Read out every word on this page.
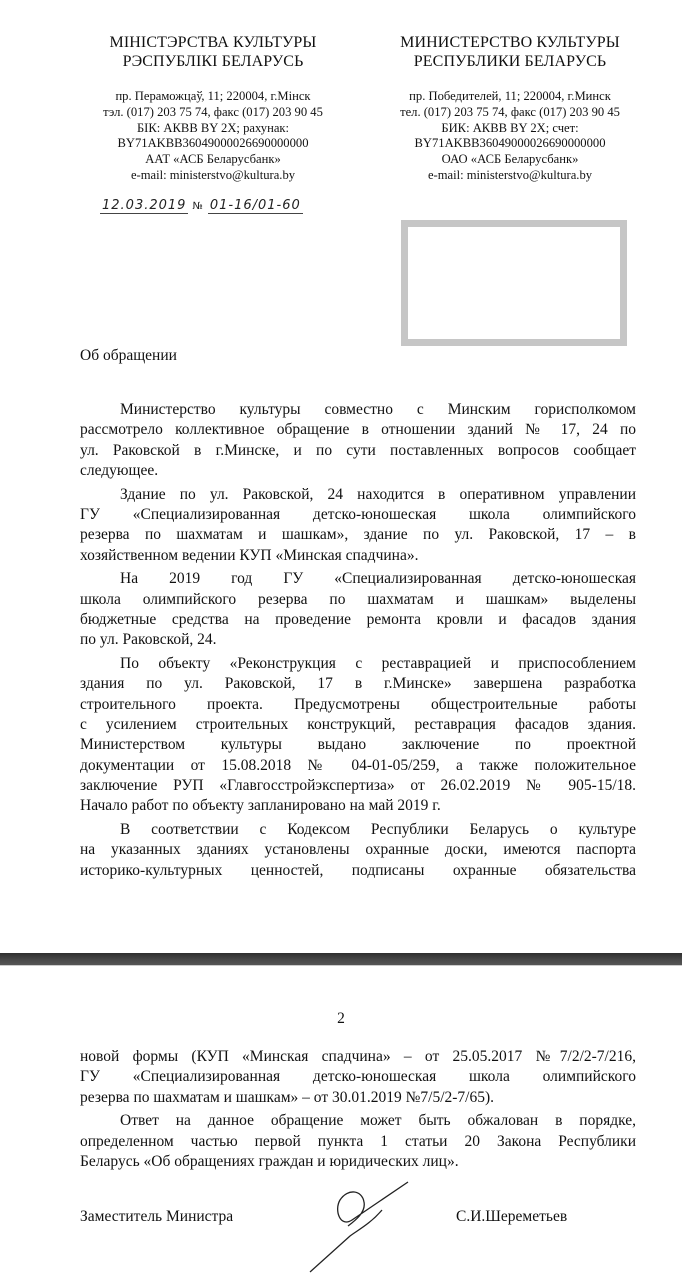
МІНІСТЭРСТВА КУЛЬТУРЫ
РЭСПУБЛІКІ БЕЛАРУСЬ
пр. Пераможцаў, 11; 220004, г.Мінск
тэл. (017) 203 75 74, факс (017) 203 90 45
БІК: АКВВ BY 2X; рахунак:
BY71AKBB36049000026690000000
ААТ «АСБ Беларусбанк»
e-mail: ministerstvo@kultura.by
МИНИСТЕРСТВО КУЛЬТУРЫ
РЕСПУБЛИКИ БЕЛАРУСЬ
пр. Победителей, 11; 220004, г.Минск
тел. (017) 203 75 74, факс (017) 203 90 45
БИК: АКВВ BY 2X; счет:
BY71AKBB36049000026690000000
ОАО «АСБ Беларусбанк»
e-mail: ministerstvo@kultura.by
12.03.2019 № 01-16/01-60
Об обращении
Министерство культуры совместно с Минским горисполкомом
рассмотрело коллективное обращение в отношении зданий № 17, 24 по
ул. Раковской в г.Минске, и по сути поставленных вопросов сообщает
следующее.
Здание по ул. Раковской, 24 находится в оперативном управлении
ГУ «Специализированная детско-юношеская школа олимпийского
резерва по шахматам и шашкам», здание по ул. Раковской, 17 – в
хозяйственном ведении КУП «Минская спадчина».
На 2019 год ГУ «Специализированная детско-юношеская
школа олимпийского резерва по шахматам и шашкам» выделены
бюджетные средства на проведение ремонта кровли и фасадов здания
по ул. Раковской, 24.
По объекту «Реконструкция с реставрацией и приспособлением
здания по ул. Раковской, 17 в г.Минске» завершена разработка
строительного проекта. Предусмотрены общестроительные работы
с усилением строительных конструкций, реставрация фасадов здания.
Министерством культуры выдано заключение по проектной
документации от 15.08.2018 № 04-01-05/259, а также положительное
заключение РУП «Главгосстройэкспертиза» от 26.02.2019 № 905-15/18.
Начало работ по объекту запланировано на май 2019 г.
В соответствии с Кодексом Республики Беларусь о культуре
на указанных зданиях установлены охранные доски, имеются паспорта
историко-культурных ценностей, подписаны охранные обязательства
2
новой формы (КУП «Минская спадчина» – от 25.05.2017 №7/2/2-7/216,
ГУ «Специализированная детско-юношеская школа олимпийского
резерва по шахматам и шашкам» – от 30.01.2019 №7/5/2-7/65).
Ответ на данное обращение может быть обжалован в порядке,
определенном частью первой пункта 1 статьи 20 Закона Республики
Беларусь «Об обращениях граждан и юридических лиц».
Заместитель Министра	С.И.Шереметьев
